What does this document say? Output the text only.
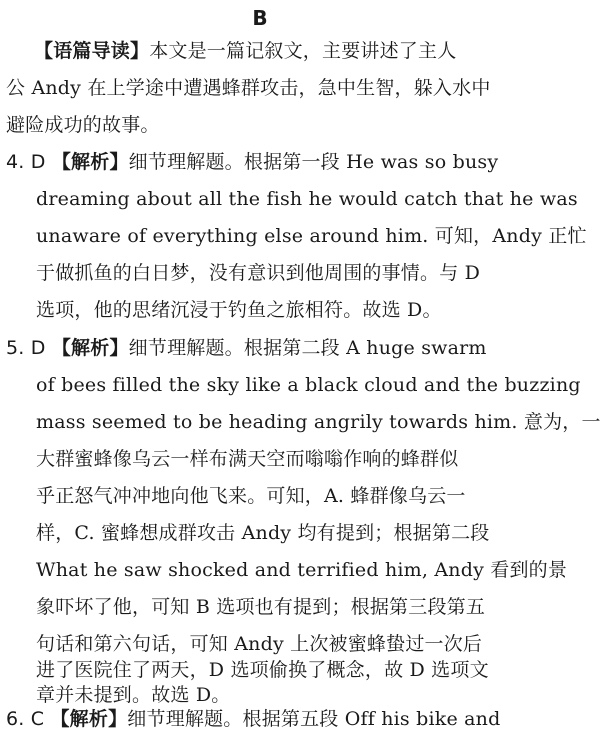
B
【语篇导读】本文是一篇记叙文，主要讲述了主人
公 Andy 在上学途中遭遇蜂群攻击，急中生智，躲入水中
避险成功的故事。
4. D 【解析】细节理解题。根据第一段 He was so busy
dreaming about all the fish he would catch that he was
unaware of everything else around him. 可知，Andy 正忙
于做抓鱼的白日梦，没有意识到他周围的事情。与 D
选项，他的思绪沉浸于钓鱼之旅相符。故选 D。
5. D 【解析】细节理解题。根据第二段 A huge swarm
of bees filled the sky like a black cloud and the buzzing
mass seemed to be heading angrily towards him. 意为，一
大群蜜蜂像乌云一样布满天空而嗡嗡作响的蜂群似
乎正怒气冲冲地向他飞来。可知，A. 蜂群像乌云一
样，C. 蜜蜂想成群攻击 Andy 均有提到；根据第二段
What he saw shocked and terrified him, Andy 看到的景
象吓坏了他，可知 B 选项也有提到；根据第三段第五
句话和第六句话，可知 Andy 上次被蜜蜂蛰过一次后
进了医院住了两天，D 选项偷换了概念，故 D 选项文
章并未提到。故选 D。
6. C 【解析】细节理解题。根据第五段 Off his bike and
